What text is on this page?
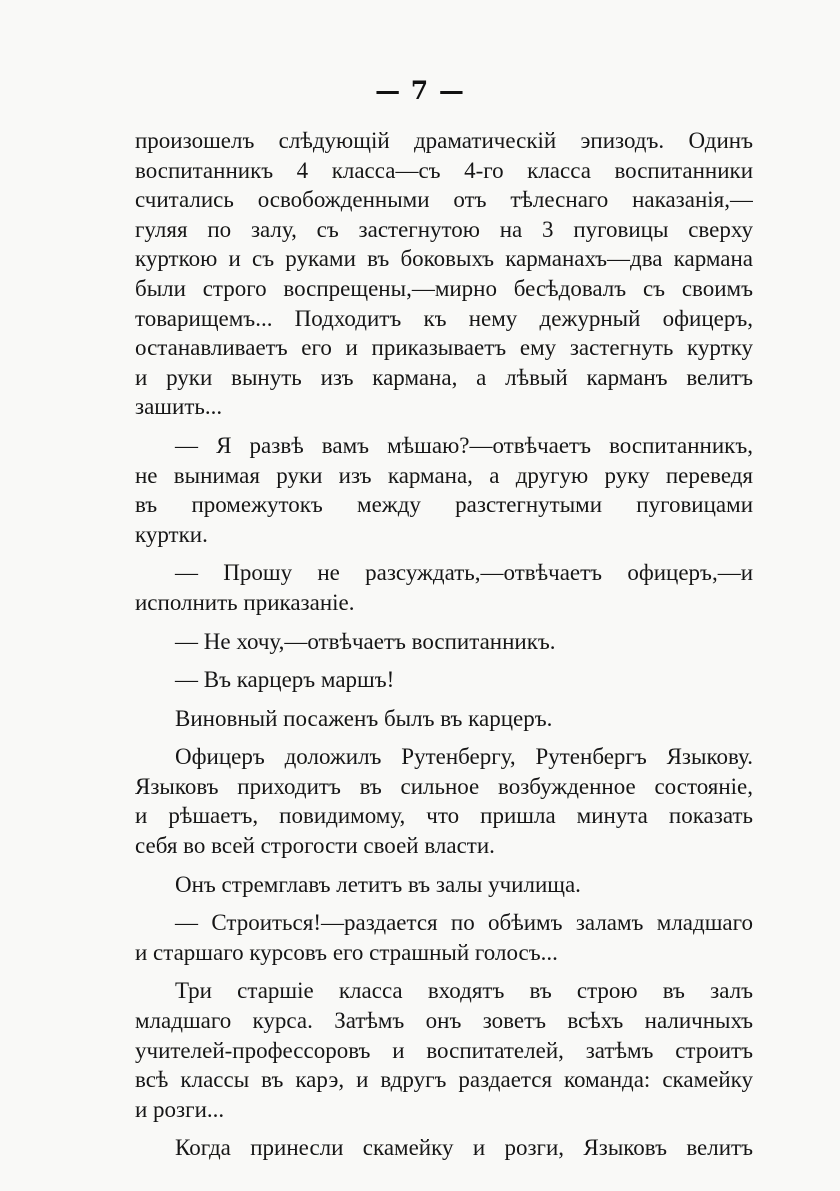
— 7 —
произошелъ слѣдующій драматическій эпизодъ. Одинъ
воспитанникъ 4 класса—съ 4-го класса воспитанники
считались освобожденными отъ тѣлеснаго наказанія,—
гуляя по залу, съ застегнутою на 3 пуговицы сверху
курткою и съ руками въ боковыхъ карманахъ—два кармана
были строго воспрещены,—мирно бесѣдовалъ съ своимъ
товарищемъ... Подходитъ къ нему дежурный офицеръ,
останавливаетъ его и приказываетъ ему застегнуть куртку
и руки вынуть изъ кармана, а лѣвый карманъ велитъ
зашить...
— Я развѣ вамъ мѣшаю?—отвѣчаетъ воспитанникъ,
не вынимая руки изъ кармана, а другую руку переведя
въ промежутокъ между разстегнутыми пуговицами
куртки.
— Прошу не разсуждать,—отвѣчаетъ офицеръ,—и
исполнить приказаніе.
— Не хочу,—отвѣчаетъ воспитанникъ.
— Въ карцеръ маршъ!
Виновный посаженъ былъ въ карцеръ.
Офицеръ доложилъ Рутенбергу, Рутенбергъ Языкову.
Языковъ приходитъ въ сильное возбужденное состояніе,
и рѣшаетъ, повидимому, что пришла минута показать
себя во всей строгости своей власти.
Онъ стремглавъ летитъ въ залы училища.
— Строиться!—раздается по обѣимъ заламъ младшаго
и старшаго курсовъ его страшный голосъ...
Три старшіе класса входятъ въ строю въ залъ
младшаго курса. Затѣмъ онъ зоветъ всѣхъ наличныхъ
учителей-профессоровъ и воспитателей, затѣмъ строитъ
всѣ классы въ карэ, и вдругъ раздается команда: скамейку
и розги...
Когда принесли скамейку и розги, Языковъ велитъ
